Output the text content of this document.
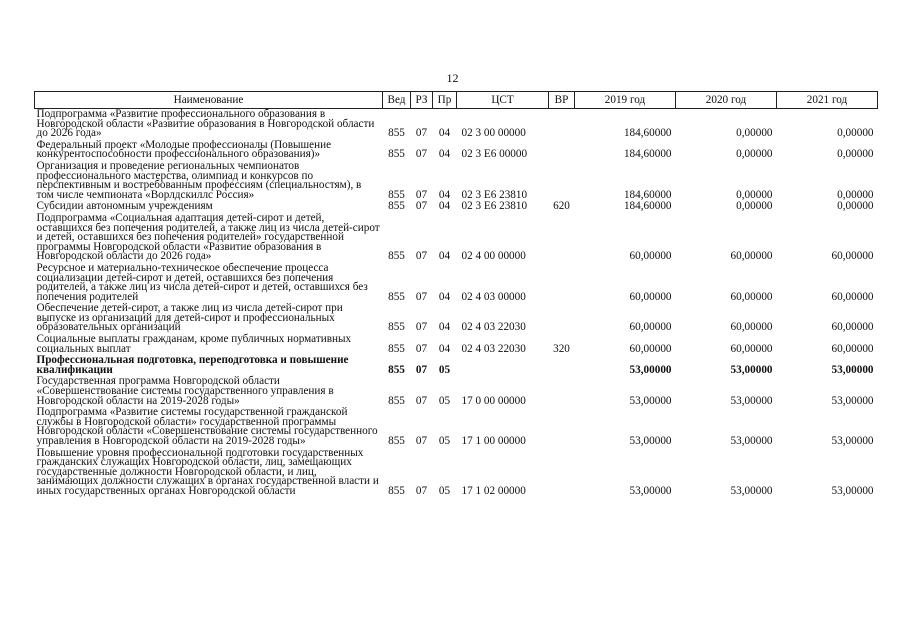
12
Наименование	Вед	РЗ	Пр	ЦСТ	ВР	2019 год	2020 год	2021 год
Подпрограмма «Развитие профессионального образования в Новгородской области «Развитие образования в Новгородской области до 2026 года»	855	07	04	02 3 00 00000		184,60000	0,00000	0,00000
Федеральный проект «Молодые профессионалы (Повышение конкурентоспособности профессионального образования)»	855	07	04	02 3 Е6 00000		184,60000	0,00000	0,00000
Организация и проведение региональных чемпионатов профессионального мастерства, олимпиад и конкурсов по перспективным и востребованным профессиям (специальностям), в том числе чемпионата «Ворлдскиллс Россия»	855	07	04	02 3 Е6 23810		184,60000	0,00000	0,00000
Субсидии автономным учреждениям	855	07	04	02 3 Е6 23810	620	184,60000	0,00000	0,00000
Подпрограмма «Социальная адаптация детей-сирот и детей, оставшихся без попечения родителей, а также лиц из числа детей-сирот и детей, оставшихся без попечения родителей» государственной программы Новгородской области «Развитие образования в Новгородской области до 2026 года»	855	07	04	02 4 00 00000		60,00000	60,00000	60,00000
Ресурсное и материально-техническое обеспечение процесса социализации детей-сирот и детей, оставшихся без попечения родителей, а также лиц из числа детей-сирот и детей, оставшихся без попечения родителей	855	07	04	02 4 03 00000		60,00000	60,00000	60,00000
Обеспечение детей-сирот, а также лиц из числа детей-сирот при выпуске из организаций для детей-сирот и профессиональных образовательных организаций	855	07	04	02 4 03 22030		60,00000	60,00000	60,00000
Социальные выплаты гражданам, кроме публичных нормативных социальных выплат	855	07	04	02 4 03 22030	320	60,00000	60,00000	60,00000
Профессиональная подготовка, переподготовка и повышение квалификации	855	07	05			53,00000	53,00000	53,00000
Государственная программа Новгородской области «Совершенствование системы государственного управления в Новгородской области на 2019-2028 годы»	855	07	05	17 0 00 00000		53,00000	53,00000	53,00000
Подпрограмма «Развитие системы государственной гражданской службы в Новгородской области» государственной программы Новгородской области «Совершенствование системы государственного управления в Новгородской области на 2019-2028 годы»	855	07	05	17 1 00 00000		53,00000	53,00000	53,00000
Повышение уровня профессиональной подготовки государственных гражданских служащих Новгородской области, лиц, замещающих государственные должности Новгородской области, и лиц, занимающих должности служащих в органах государственной власти и иных государственных органах Новгородской области	855	07	05	17 1 02 00000		53,00000	53,00000	53,00000
